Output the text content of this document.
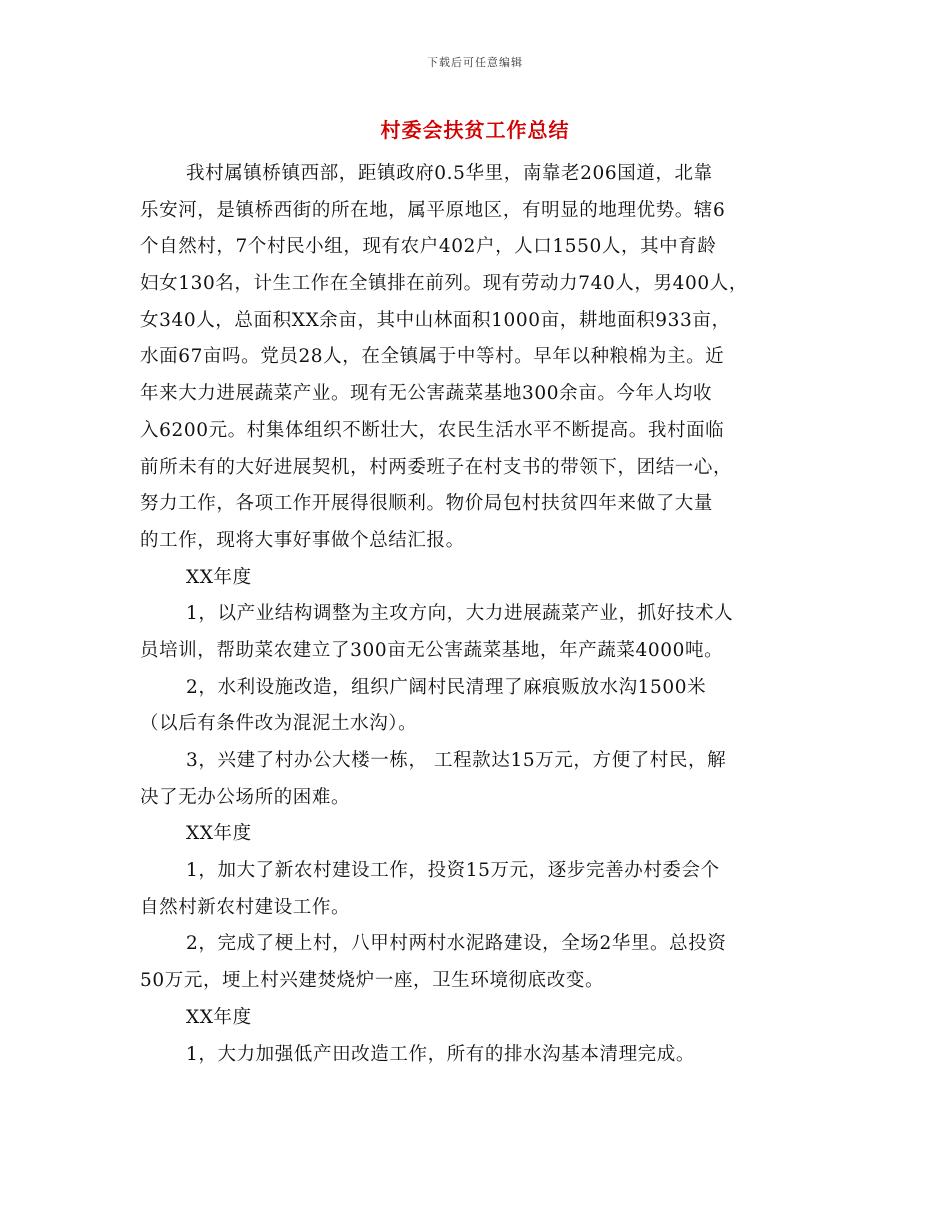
下载后可任意编辑
村委会扶贫工作总结
我村属镇桥镇西部，距镇政府0.5华里，南靠老206国道，北靠
乐安河，是镇桥西街的所在地，属平原地区，有明显的地理优势。辖6
个自然村，7个村民小组，现有农户402户，人口1550人，其中育龄
妇女130名，计生工作在全镇排在前列。现有劳动力740人，男400人，
女340人，总面积XX余亩，其中山林面积1000亩，耕地面积933亩，
水面67亩吗。党员28人，在全镇属于中等村。早年以种粮棉为主。近
年来大力进展蔬菜产业。现有无公害蔬菜基地300余亩。今年人均收
入6200元。村集体组织不断壮大，农民生活水平不断提高。我村面临
前所未有的大好进展契机，村两委班子在村支书的带领下，团结一心，
努力工作，各项工作开展得很顺利。物价局包村扶贫四年来做了大量
的工作，现将大事好事做个总结汇报。
XX年度
1，以产业结构调整为主攻方向，大力进展蔬菜产业，抓好技术人
员培训，帮助菜农建立了300亩无公害蔬菜基地，年产蔬菜4000吨。
2，水利设施改造，组织广阔村民清理了麻痕贩放水沟1500米
（以后有条件改为混泥土水沟）。
3，兴建了村办公大楼一栋， 工程款达15万元，方便了村民，解
决了无办公场所的困难。
XX年度
1，加大了新农村建设工作，投资15万元，逐步完善办村委会个
自然村新农村建设工作。
2，完成了梗上村，八甲村两村水泥路建设，全场2华里。总投资
50万元，埂上村兴建焚烧炉一座，卫生环境彻底改变。
XX年度
1，大力加强低产田改造工作，所有的排水沟基本清理完成。
